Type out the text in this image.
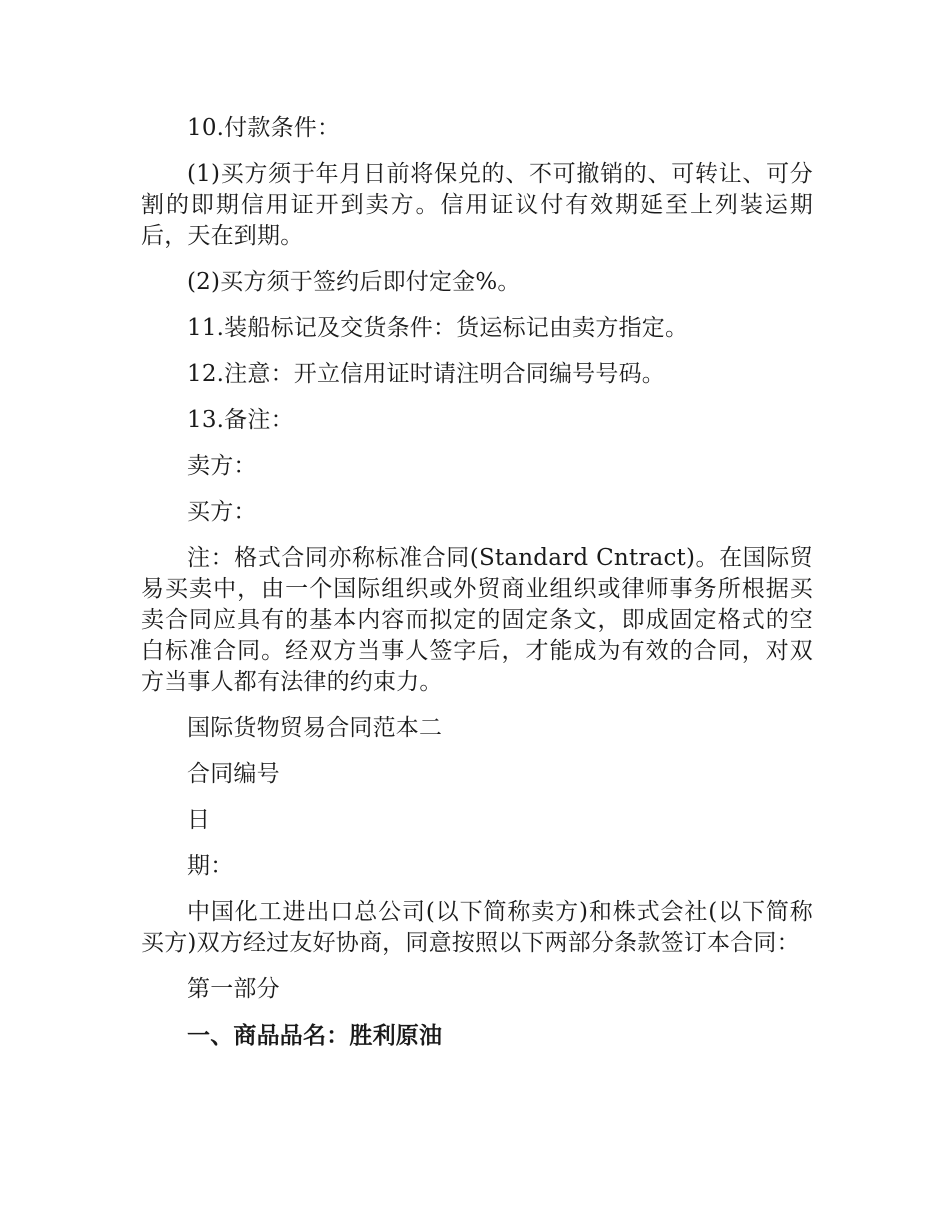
10.付款条件：

(1)买方须于年月日前将保兑的、不可撤销的、可转让、可分割的即期信用证开到卖方。信用证议付有效期延至上列装运期后，天在到期。

(2)买方须于签约后即付定金%。

11.装船标记及交货条件：货运标记由卖方指定。

12.注意：开立信用证时请注明合同编号号码。

13.备注：

卖方：

买方：

注：格式合同亦称标准合同(Standard Cntract)。在国际贸易买卖中，由一个国际组织或外贸商业组织或律师事务所根据买卖合同应具有的基本内容而拟定的固定条文，即成固定格式的空白标准合同。经双方当事人签字后，才能成为有效的合同，对双方当事人都有法律的约束力。

国际货物贸易合同范本二

合同编号

日

期：

中国化工进出口总公司(以下简称卖方)和株式会社(以下简称买方)双方经过友好协商，同意按照以下两部分条款签订本合同：

第一部分

一、商品品名：胜利原油
